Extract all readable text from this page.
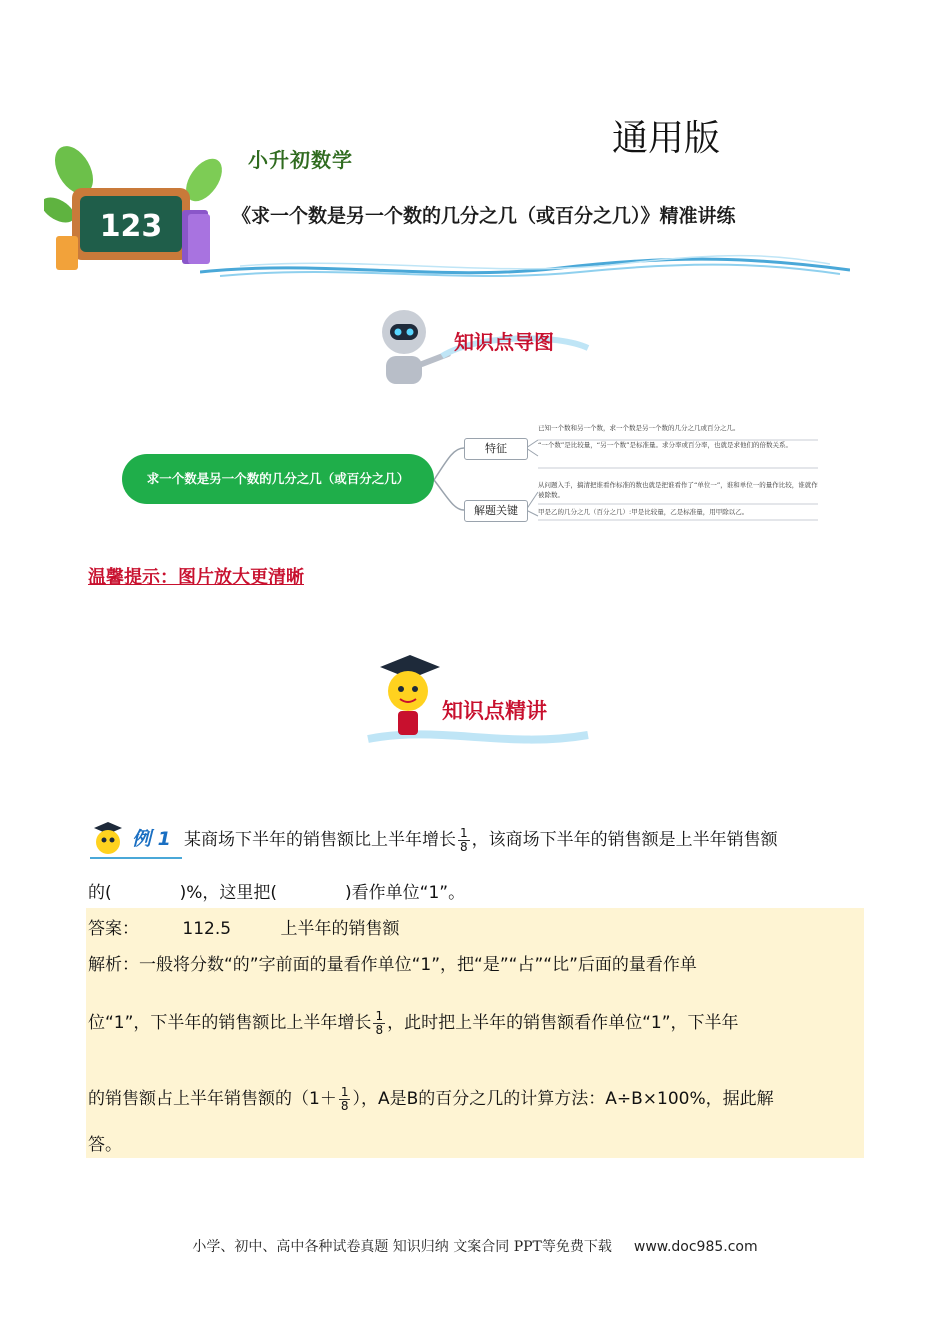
通用版
123
小升初数学
《求一个数是另一个数的几分之几（或百分之几）》精准讲练
知识点导图
求一个数是另一个数的几分之几（或百分之几）
特征
解题关键
已知一个数和另一个数，求一个数是另一个数的几分之几或百分之几。
“一个数”是比较量，“另一个数”是标准量。求分率或百分率，也就是求他们的倍数关系。
从问题入手，搞清把谁看作标准的数也就是把谁看作了“单位一”，谁和单位一的量作比较，谁就作被除数。
甲是乙的几分之几（百分之几）:甲是比较量，乙是标准量，用甲除以乙。
温馨提示：图片放大更清晰
知识点精讲
例 1 某商场下半年的销售额比上半年增长 $\frac{1}{8}$ ，该商场下半年的销售额是上半年销售额
的(　　　　)%，这里把(　　　　)看作单位“1”。
答案：	112.5	上半年的销售额
解析：一般将分数“的”字前面的量看作单位“1”，把“是”“占”“比”后面的量看作单
位“1”，下半年的销售额比上半年增长 $\frac{1}{8}$ ，此时把上半年的销售额看作单位“1”，下半年
的销售额占上半年销售额的（$1+ \frac{1}{8}$ ），A是B的百分之几的计算方法：A÷B×100%，据此解
答。
小学、初中、高中各种试卷真题 知识归纳 文案合同 PPT等免费下载 www.doc985.com
